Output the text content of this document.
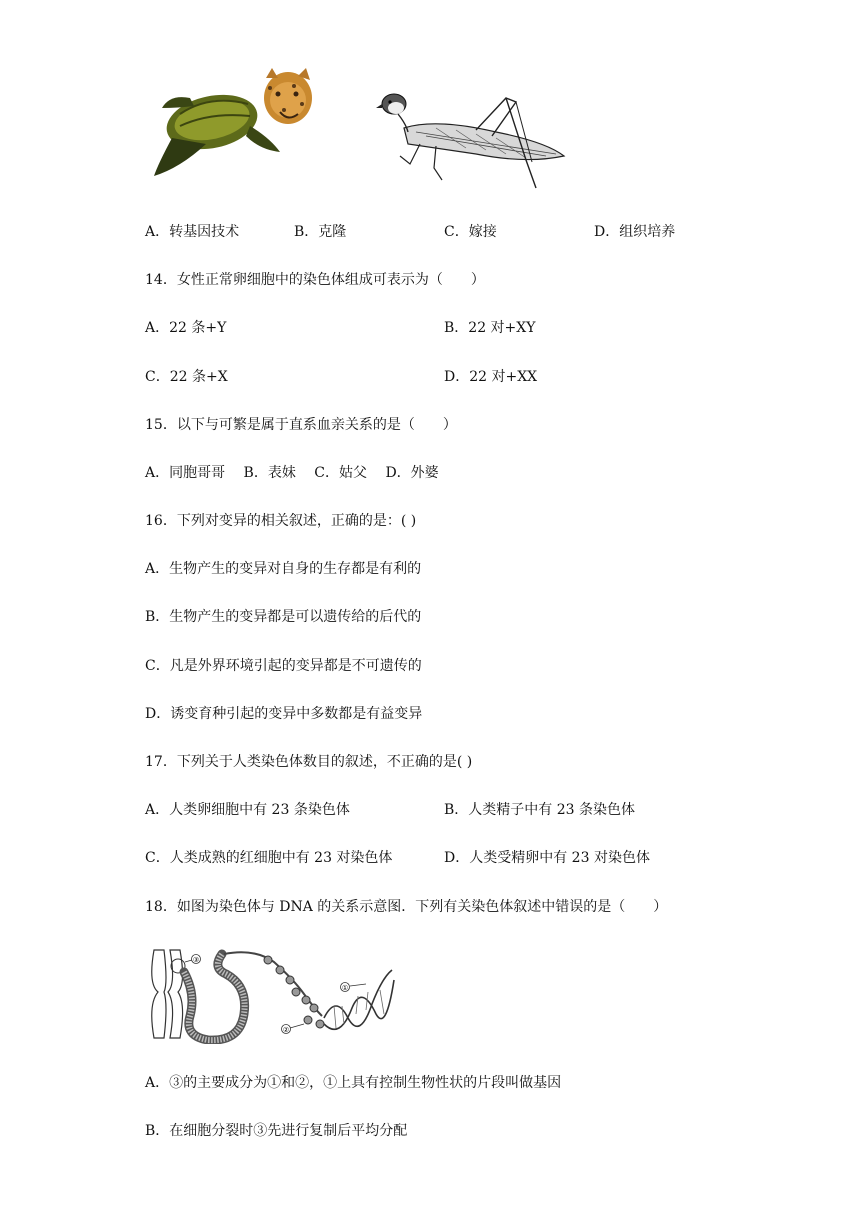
A．转基因技术	B．克隆	C．嫁接	D．组织培养
14．女性正常卵细胞中的染色体组成可表示为（　　）
A．22 条+Y	B．22 对+XY
C．22 条+X	D．22 对+XX
15．以下与可繁是属于直系血亲关系的是（　　）
A．同胞哥哥　 B．表妹　 C．姑父　 D．外婆
16．下列对变异的相关叙述，正确的是：( )
A．生物产生的变异对自身的生存都是有利的
B．生物产生的变异都是可以遗传给的后代的
C．凡是外界环境引起的变异都是不可遗传的
D．诱变育种引起的变异中多数都是有益变异
17．下列关于人类染色体数目的叙述，不正确的是( )
A．人类卵细胞中有 23 条染色体	B．人类精子中有 23 条染色体
C．人类成熟的红细胞中有 23 对染色体	D．人类受精卵中有 23 对染色体
18．如图为染色体与 DNA 的关系示意图．下列有关染色体叙述中错误的是（　　）
③
②
①
A．③的主要成分为①和②，①上具有控制生物性状的片段叫做基因
B．在细胞分裂时③先进行复制后平均分配
